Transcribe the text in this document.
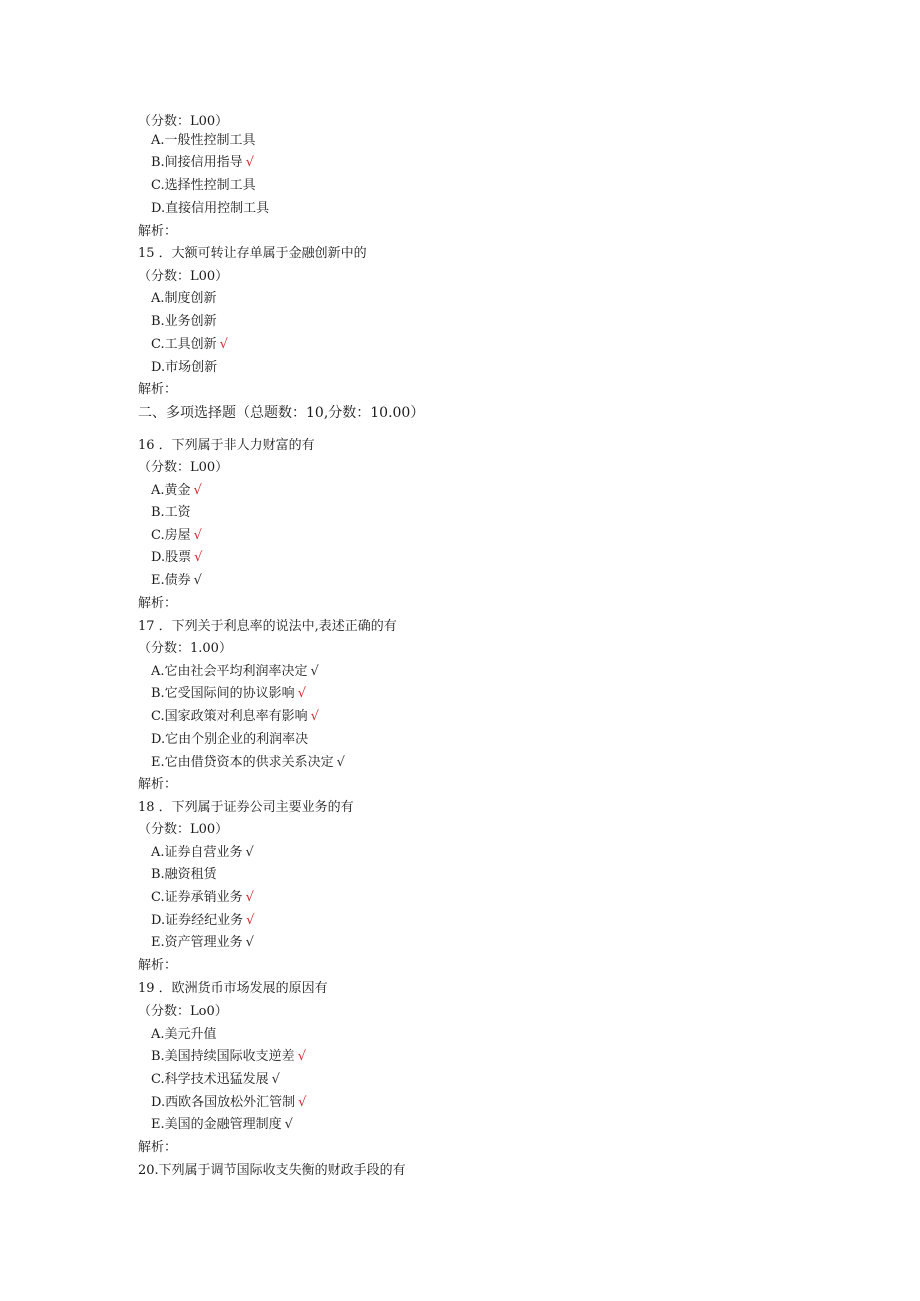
（分数：L00）
A.一般性控制工具
B.间接信用指导 √
C.选择性控制工具
D.直接信用控制工具
解析：
15 ．大额可转让存单属于金融创新中的
（分数：L00）
A.制度创新
B.业务创新
C.工具创新 √
D.市场创新
解析：
二、多项选择题（总题数：10,分数：10.00）
16 ．下列属于非人力财富的有
（分数：L00）
A.黄金 √
B.工资
C.房屋 √
D.股票 √
E.债券 √
解析：
17 ．下列关于利息率的说法中,表述正确的有
（分数：1.00）
A.它由社会平均利润率决定 √
B.它受国际间的协议影响 √
C.国家政策对利息率有影响 √
D.它由个别企业的利润率决
E.它由借贷资本的供求关系决定 √
解析：
18 ．下列属于证券公司主要业务的有
（分数：L00）
A.证券自营业务 √
B.融资租赁
C.证券承销业务 √
D.证券经纪业务 √
E.资产管理业务 √
解析：
19 ．欧洲货币市场发展的原因有
（分数：Lo0）
A.美元升值
B.美国持续国际收支逆差 √
C.科学技术迅猛发展 √
D.西欧各国放松外汇管制 √
E.美国的金融管理制度 √
解析：
20.下列属于调节国际收支失衡的财政手段的有
